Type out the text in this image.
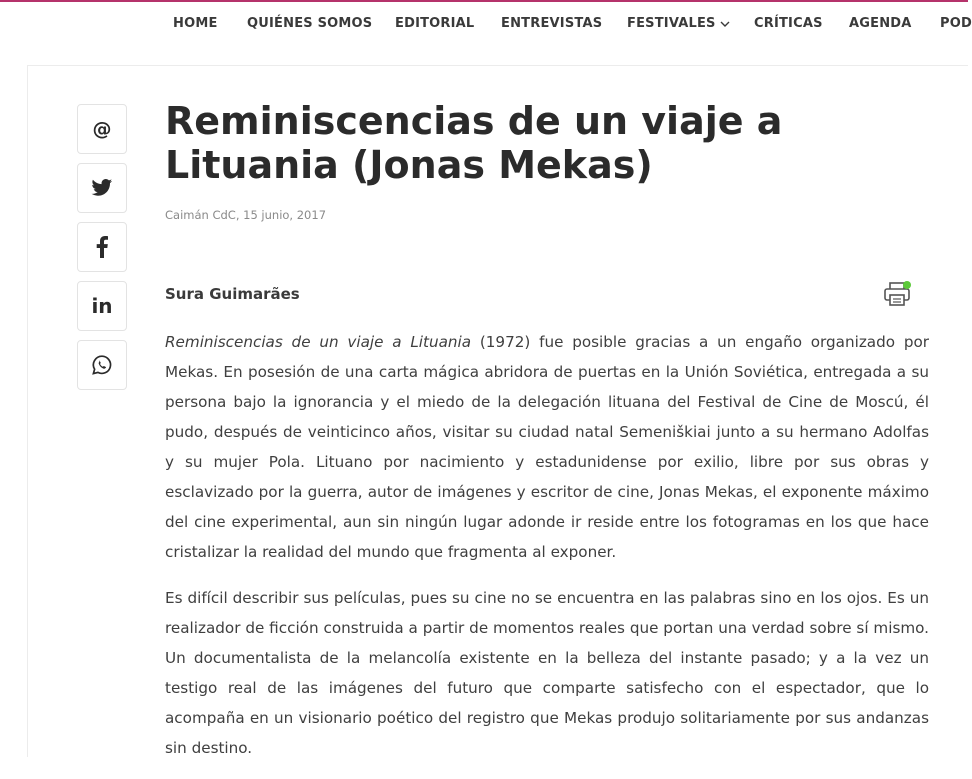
HOME QUIÉNES SOMOS EDITORIAL ENTREVISTAS FESTIVALES	CRÍTICAS AGENDA POD
@
in
Reminiscencias de un viaje a Lituania (Jonas Mekas)
Caimán CdC, 15 junio, 2017
Sura Guimarães

Reminiscencias de un viaje a Lituania (1972) fue posible gracias a un engaño organizado por Mekas. En posesión de una carta mágica abridora de puertas en la Unión Soviética, entregada a su persona bajo la ignorancia y el miedo de la delegación lituana del Festival de Cine de Moscú, él pudo, después de veinticinco años, visitar su ciudad natal Semeniškiai junto a su hermano Adolfas y su mujer Pola. Lituano por nacimiento y estadunidense por exilio, libre por sus obras y esclavizado por la guerra, autor de imágenes y escritor de cine, Jonas Mekas, el exponente máximo del cine experimental, aun sin ningún lugar adonde ir reside entre los fotogramas en los que hace cristalizar la realidad del mundo que fragmenta al exponer.

Es difícil describir sus películas, pues su cine no se encuentra en las palabras sino en los ojos. Es un realizador de ficción construida a partir de momentos reales que portan una verdad sobre sí mismo. Un documentalista de la melancolía existente en la belleza del instante pasado; y a la vez un testigo real de las imágenes del futuro que comparte satisfecho con el espectador, que lo acompaña en un visionario poético del registro que Mekas produjo solitariamente por sus andanzas sin destino.
